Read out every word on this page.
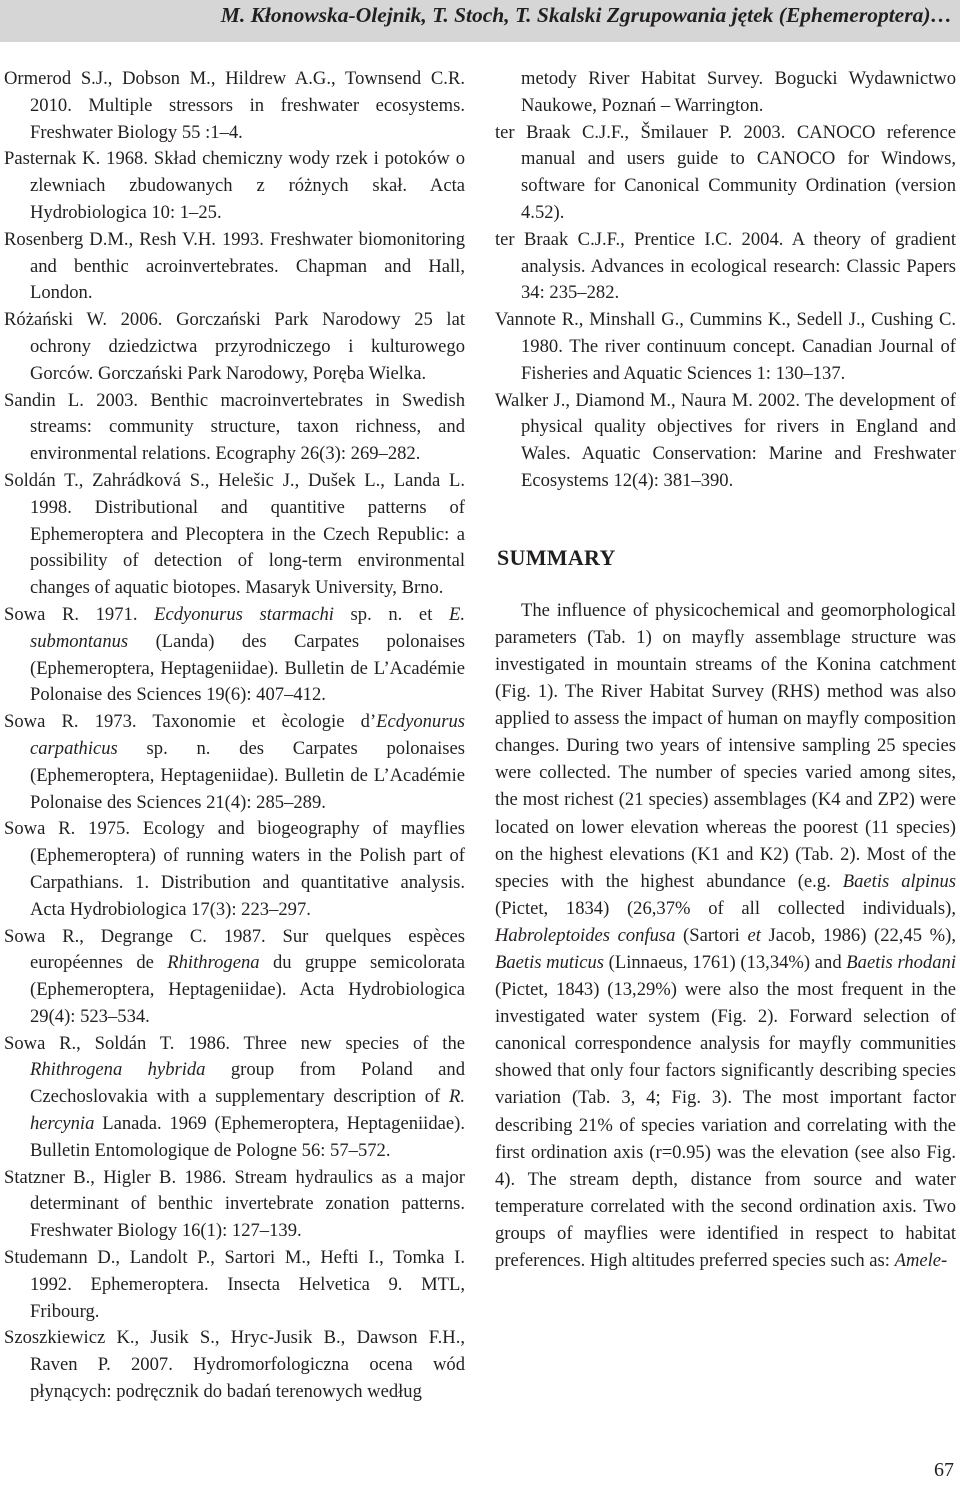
M. Kłonowska-Olejnik, T. Stoch, T. Skalski Zgrupowania jętek (Ephemeroptera)…

Ormerod S.J., Dobson M., Hildrew A.G., Townsend C.R. 2010. Multiple stressors in freshwater ecosystems. Freshwater Biology 55 :1–4.

Pasternak K. 1968. Skład chemiczny wody rzek i potoków o zlewniach zbudowanych z różnych skał. Acta Hydrobiologica 10: 1–25.

Rosenberg D.M., Resh V.H. 1993. Freshwater biomonitoring and benthic acroinvertebrates. Chapman and Hall, London.

Różański W. 2006. Gorczański Park Narodowy 25 lat ochrony dziedzictwa przyrodniczego i kulturowego Gorców. Gorczański Park Narodowy, Poręba Wielka.

Sandin L. 2003. Benthic macroinvertebrates in Swedish streams: community structure, taxon richness, and environmental relations. Ecography 26(3): 269–282.

Soldán T., Zahrádková S., Helešic J., Dušek L., Landa L. 1998. Distributional and quantitive patterns of Ephemeroptera and Plecoptera in the Czech Republic: a possibility of detection of long-term environmental changes of aquatic biotopes. Masaryk University, Brno.

Sowa R. 1971. Ecdyonurus starmachi sp. n. et E. submontanus (Landa) des Carpates polonaises (Ephemeroptera, Heptageniidae). Bulletin de L’Académie Polonaise des Sciences 19(6): 407–412.

Sowa R. 1973. Taxonomie et ècologie d’Ecdyonurus carpathicus sp. n. des Carpates polonaises (Ephemeroptera, Heptageniidae). Bulletin de L’Académie Polonaise des Sciences 21(4): 285–289.

Sowa R. 1975. Ecology and biogeography of mayflies (Ephemeroptera) of running waters in the Polish part of Carpathians. 1. Distribution and quantitative analysis. Acta Hydrobiologica 17(3): 223–297.

Sowa R., Degrange C. 1987. Sur quelques espèces européennes de Rhithrogena du gruppe semicolorata (Ephemeroptera, Heptageniidae). Acta Hydrobiologica 29(4): 523–534.

Sowa R., Soldán T. 1986. Three new species of the Rhithrogena hybrida group from Poland and Czechoslovakia with a supplementary description of R. hercynia Lanada. 1969 (Ephemeroptera, Heptageniidae). Bulletin Entomologique de Pologne 56: 57–572.

Statzner B., Higler B. 1986. Stream hydraulics as a major determinant of benthic invertebrate zonation patterns. Freshwater Biology 16(1): 127–139.

Studemann D., Landolt P., Sartori M., Hefti I., Tomka I. 1992. Ephemeroptera. Insecta Helvetica 9. MTL, Fribourg.

Szoszkiewicz K., Jusik S., Hryc-Jusik B., Dawson F.H., Raven P. 2007. Hydromorfologiczna ocena wód płynących: podręcznik do badań terenowych według

metody River Habitat Survey. Bogucki Wydawnictwo Naukowe, Poznań – Warrington.

ter Braak C.J.F., Šmilauer P. 2003. CANOCO reference manual and users guide to CANOCO for Windows, software for Canonical Community Ordination (version 4.52).

ter Braak C.J.F., Prentice I.C. 2004. A theory of gradient analysis. Advances in ecological research: Classic Papers 34: 235–282.

Vannote R., Minshall G., Cummins K., Sedell J., Cushing C. 1980. The river continuum concept. Canadian Journal of Fisheries and Aquatic Sciences 1: 130–137.

Walker J., Diamond M., Naura M. 2002. The development of physical quality objectives for rivers in England and Wales. Aquatic Conservation: Marine and Freshwater Ecosystems 12(4): 381–390.

SUMMARY

The influence of physicochemical and geomorphological parameters (Tab. 1) on mayfly assemblage structure was investigated in mountain streams of the Konina catchment (Fig. 1). The River Habitat Survey (RHS) method was also applied to assess the impact of human on mayfly composition changes. During two years of intensive sampling 25 species were collected. The number of species varied among sites, the most richest (21 species) assemblages (K4 and ZP2) were located on lower elevation whereas the poorest (11 species) on the highest elevations (K1 and K2) (Tab. 2). Most of the species with the highest abundance (e.g. Baetis alpinus (Pictet, 1834) (26,37% of all collected individuals), Habroleptoides confusa (Sartori et Jacob, 1986) (22,45 %), Baetis muticus (Linnaeus, 1761) (13,34%) and Baetis rhodani (Pictet, 1843) (13,29%) were also the most frequent in the investigated water system (Fig. 2). Forward selection of canonical correspondence analysis for mayfly communities showed that only four factors significantly describing species variation (Tab. 3, 4; Fig. 3). The most important factor describing 21% of species variation and correlating with the first ordination axis (r=0.95) was the elevation (see also Fig. 4). The stream depth, distance from source and water temperature correlated with the second ordination axis. Two groups of mayflies were identified in respect to habitat preferences. High altitudes preferred species such as: Amele-

67
